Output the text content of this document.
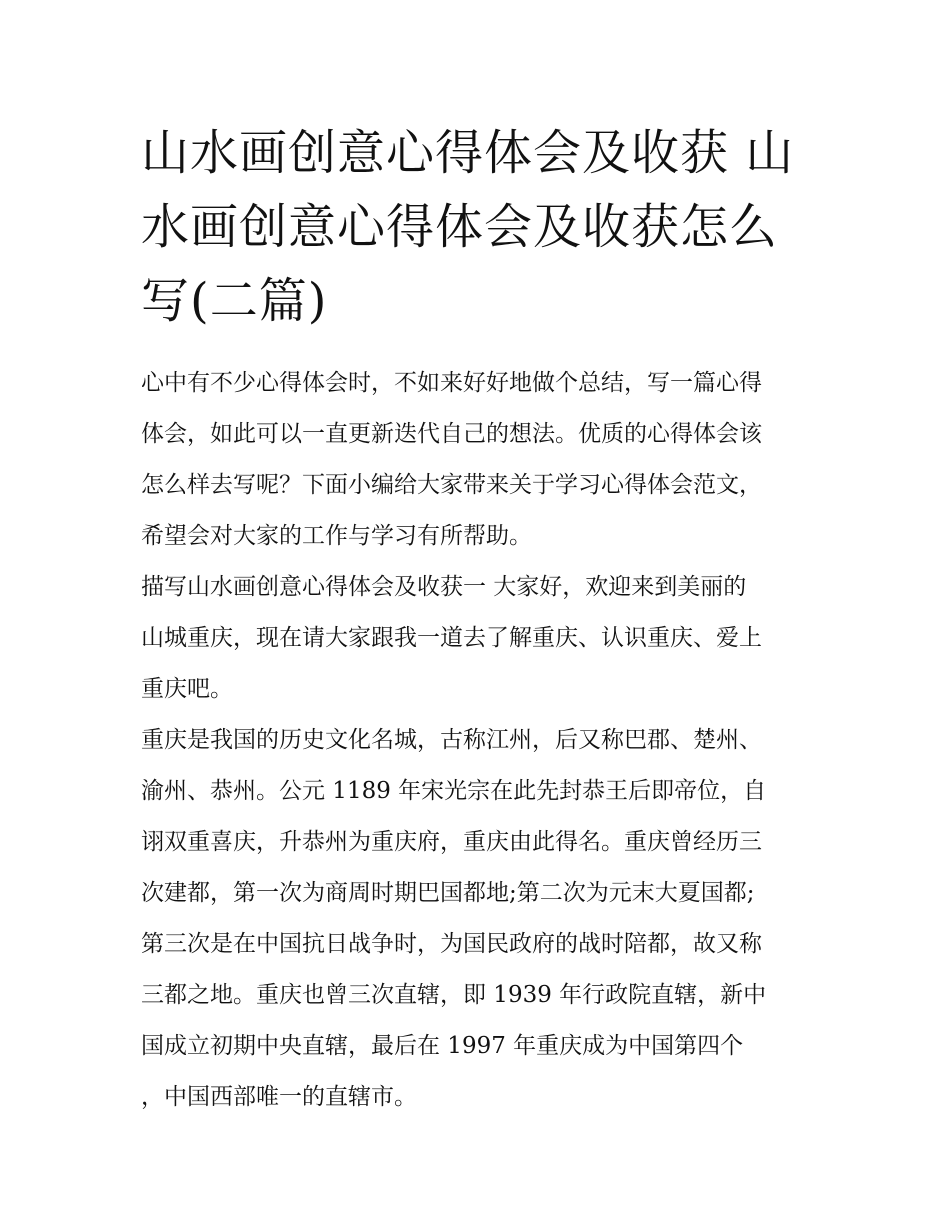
山水画创意心得体会及收获 山
水画创意心得体会及收获怎么
写(二篇)
心中有不少心得体会时，不如来好好地做个总结，写一篇心得
体会，如此可以一直更新迭代自己的想法。优质的心得体会该
怎么样去写呢？下面小编给大家带来关于学习心得体会范文，
希望会对大家的工作与学习有所帮助。
描写山水画创意心得体会及收获一 大家好，欢迎来到美丽的
山城重庆，现在请大家跟我一道去了解重庆、认识重庆、爱上
重庆吧。
重庆是我国的历史文化名城，古称江州，后又称巴郡、楚州、
渝州、恭州。公元 1189 年宋光宗在此先封恭王后即帝位，自
诩双重喜庆，升恭州为重庆府，重庆由此得名。重庆曾经历三
次建都，第一次为商周时期巴国都地;第二次为元末大夏国都;
第三次是在中国抗日战争时，为国民政府的战时陪都，故又称
三都之地。重庆也曾三次直辖，即 1939 年行政院直辖，新中
国成立初期中央直辖，最后在 1997 年重庆成为中国第四个
，中国西部唯一的直辖市。
